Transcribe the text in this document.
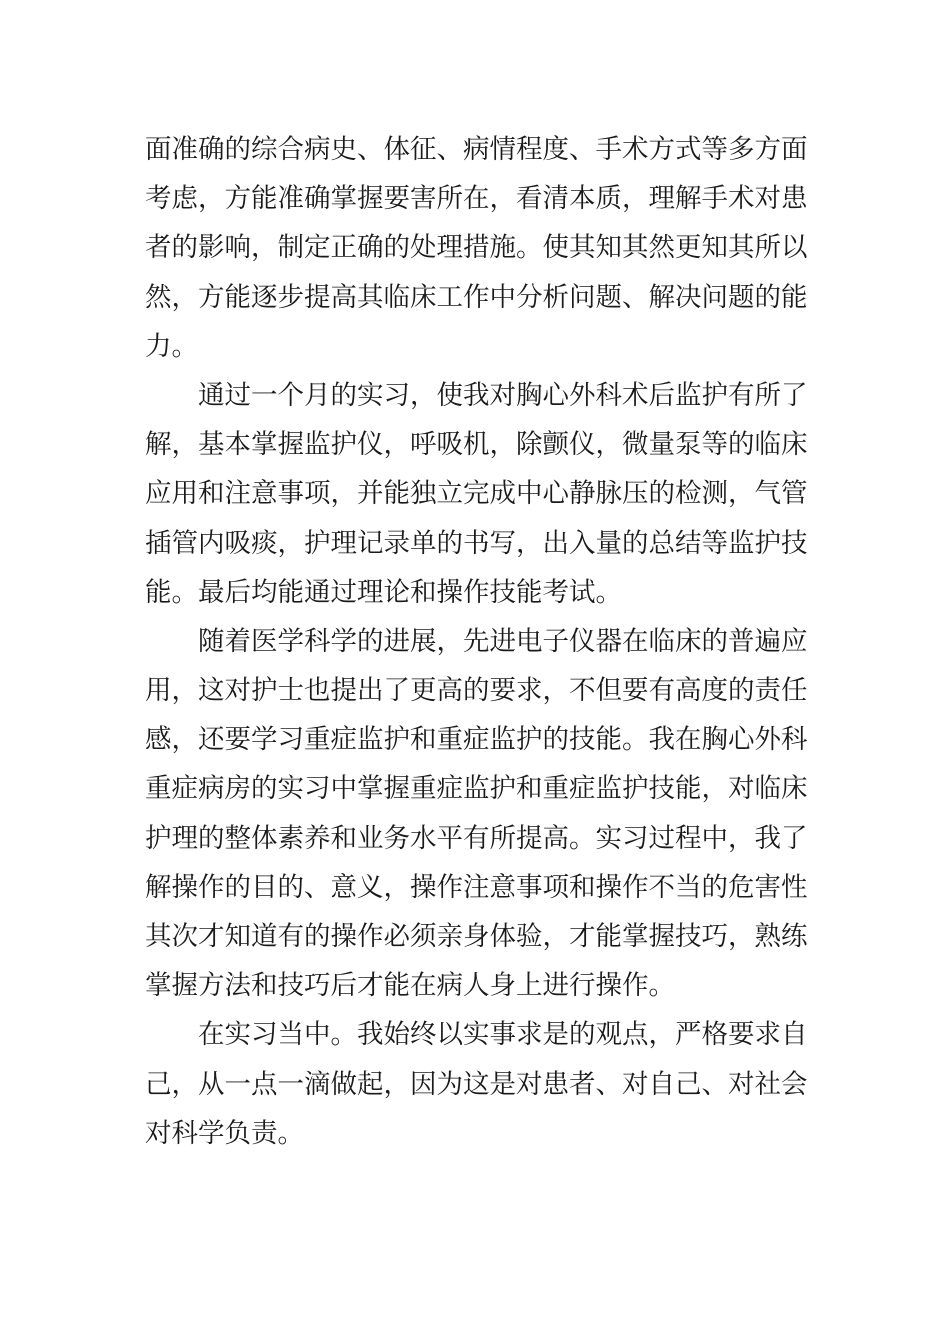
面准确的综合病史、体征、病情程度、手术方式等多方面
考虑，方能准确掌握要害所在，看清本质，理解手术对患
者的影响，制定正确的处理措施。使其知其然更知其所以
然，方能逐步提高其临床工作中分析问题、解决问题的能
力。
通过一个月的实习，使我对胸心外科术后监护有所了
解，基本掌握监护仪，呼吸机，除颤仪，微量泵等的临床
应用和注意事项，并能独立完成中心静脉压的检测，气管
插管内吸痰，护理记录单的书写，出入量的总结等监护技
能。最后均能通过理论和操作技能考试。
随着医学科学的进展，先进电子仪器在临床的普遍应
用，这对护士也提出了更高的要求，不但要有高度的责任
感，还要学习重症监护和重症监护的技能。我在胸心外科
重症病房的实习中掌握重症监护和重症监护技能，对临床
护理的整体素养和业务水平有所提高。实习过程中，我了
解操作的目的、意义，操作注意事项和操作不当的危害性
其次才知道有的操作必须亲身体验，才能掌握技巧，熟练
掌握方法和技巧后才能在病人身上进行操作。
在实习当中。我始终以实事求是的观点，严格要求自
己，从一点一滴做起，因为这是对患者、对自己、对社会
对科学负责。
